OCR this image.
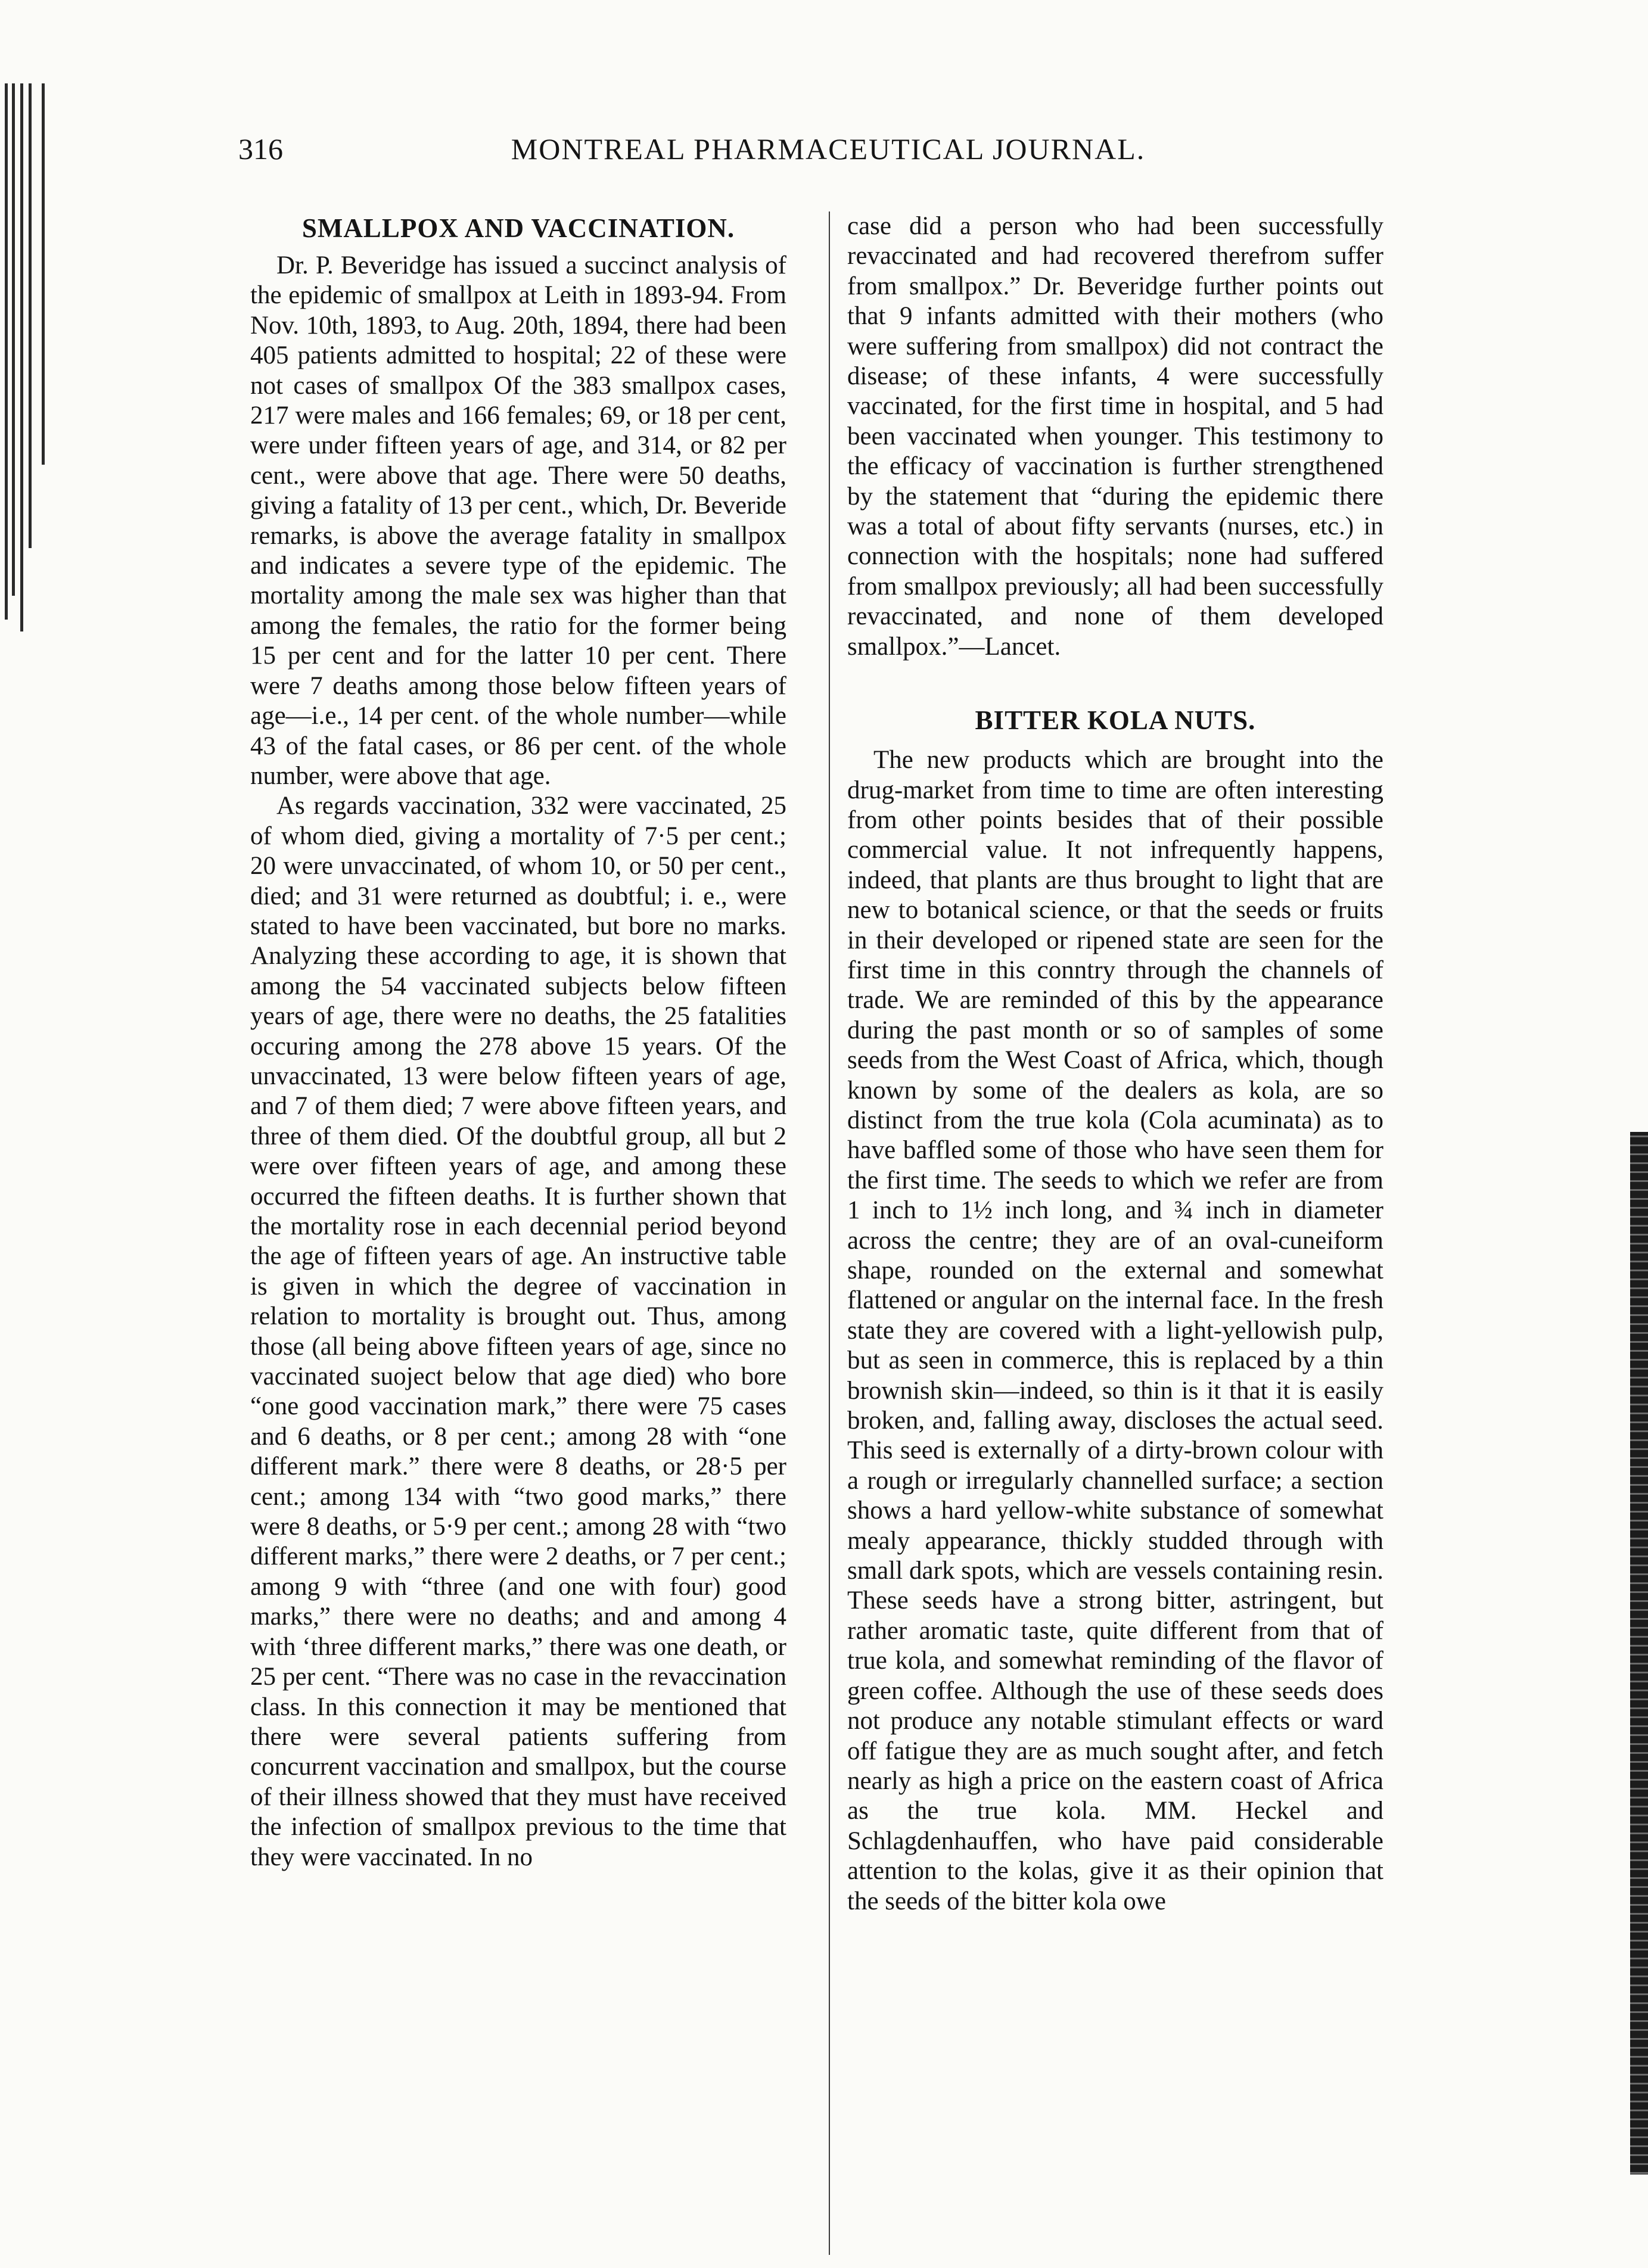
316	MONTREAL PHARMACEUTICAL JOURNAL.
SMALLPOX AND VACCINATION.

Dr. P. Beveridge has issued a succinct analysis of the epidemic of smallpox at Leith in 1893-94. From Nov. 10th, 1893, to Aug. 20th, 1894, there had been 405 patients admitted to hospital; 22 of these were not cases of smallpox Of the 383 smallpox cases, 217 were males and 166 females; 69, or 18 per cent, were under fifteen years of age, and 314, or 82 per cent., were above that age. There were 50 deaths, giving a fatality of 13 per cent., which, Dr. Beveride remarks, is above the average fatality in smallpox and indicates a severe type of the epidemic. The mortality among the male sex was higher than that among the females, the ratio for the former being 15 per cent and for the latter 10 per cent. There were 7 deaths among those below fifteen years of age—i.e., 14 per cent. of the whole number—while 43 of the fatal cases, or 86 per cent. of the whole number, were above that age.

As regards vaccination, 332 were vaccinated, 25 of whom died, giving a mortality of 7·5 per cent.; 20 were unvaccinated, of whom 10, or 50 per cent., died; and 31 were returned as doubtful; i. e., were stated to have been vaccinated, but bore no marks. Analyzing these according to age, it is shown that among the 54 vaccinated subjects below fifteen years of age, there were no deaths, the 25 fatalities occuring among the 278 above 15 years. Of the unvaccinated, 13 were below fifteen years of age, and 7 of them died; 7 were above fifteen years, and three of them died. Of the doubtful group, all but 2 were over fifteen years of age, and among these occurred the fifteen deaths. It is further shown that the mortality rose in each decennial period beyond the age of fifteen years of age. An instructive table is given in which the degree of vaccination in relation to mortality is brought out. Thus, among those (all being above fifteen years of age, since no vaccinated suoject below that age died) who bore “one good vaccination mark,” there were 75 cases and 6 deaths, or 8 per cent.; among 28 with “one different mark.” there were 8 deaths, or 28·5 per cent.; among 134 with “two good marks,” there were 8 deaths, or 5·9 per cent.; among 28 with “two different marks,” there were 2 deaths, or 7 per cent.; among 9 with “three (and one with four) good marks,” there were no deaths; and and among 4 with ‘three different marks,” there was one death, or 25 per cent. “There was no case in the revaccination class. In this connection it may be mentioned that there were several patients suffering from concurrent vaccination and smallpox, but the course of their illness showed that they must have received the infection of smallpox previous to the time that they were vaccinated. In no

case did a person who had been successfully revaccinated and had recovered therefrom suffer from smallpox.” Dr. Beveridge further points out that 9 infants admitted with their mothers (who were suffering from smallpox) did not contract the disease; of these infants, 4 were successfully vaccinated, for the first time in hospital, and 5 had been vaccinated when younger. This testimony to the efficacy of vaccination is further strengthened by the statement that “during the epidemic there was a total of about fifty servants (nurses, etc.) in connection with the hospitals; none had suffered from smallpox previously; all had been successfully revaccinated, and none of them developed smallpox.”—Lancet.

BITTER KOLA NUTS.

The new products which are brought into the drug-market from time to time are often interesting from other points besides that of their possible commercial value. It not infrequently happens, indeed, that plants are thus brought to light that are new to botanical science, or that the seeds or fruits in their developed or ripened state are seen for the first time in this conntry through the channels of trade. We are reminded of this by the appearance during the past month or so of samples of some seeds from the West Coast of Africa, which, though known by some of the dealers as kola, are so distinct from the true kola (Cola acuminata) as to have baffled some of those who have seen them for the first time. The seeds to which we refer are from 1 inch to 1½ inch long, and ¾ inch in diameter across the centre; they are of an oval-cuneiform shape, rounded on the external and somewhat flattened or angular on the internal face. In the fresh state they are covered with a light-yellowish pulp, but as seen in commerce, this is replaced by a thin brownish skin—indeed, so thin is it that it is easily broken, and, falling away, discloses the actual seed. This seed is externally of a dirty-brown colour with a rough or irregularly channelled surface; a section shows a hard yellow-white substance of somewhat mealy appearance, thickly studded through with small dark spots, which are vessels containing resin. These seeds have a strong bitter, astringent, but rather aromatic taste, quite different from that of true kola, and somewhat reminding of the flavor of green coffee. Although the use of these seeds does not produce any notable stimulant effects or ward off fatigue they are as much sought after, and fetch nearly as high a price on the eastern coast of Africa as the true kola. MM. Heckel and Schlagdenhauffen, who have paid considerable attention to the kolas, give it as their opinion that the seeds of the bitter kola owe
